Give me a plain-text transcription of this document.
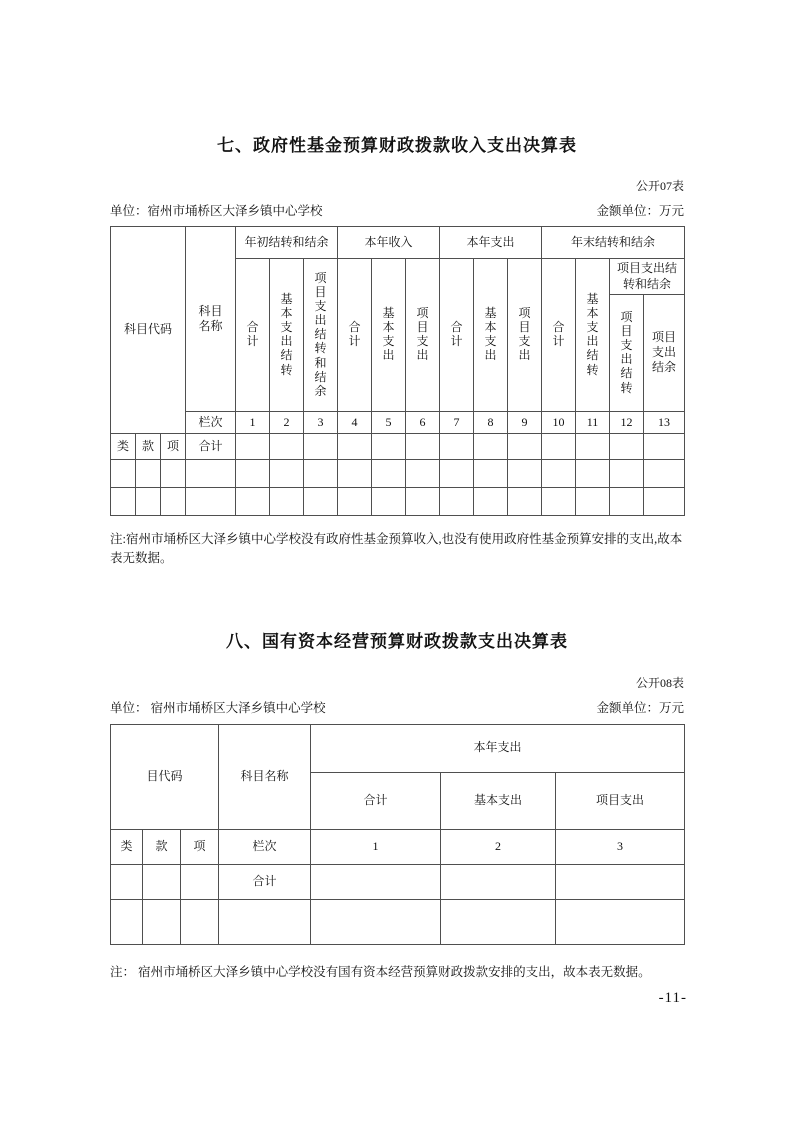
七、政府性基金预算财政拨款收入支出决算表
公开07表
单位：宿州市埇桥区大泽乡镇中心学校	金额单位：万元
科目代码			科目名称	年初结转和结余			本年收入			本年支出			年末结转和结余			
				合计	基本支出结转	项目支出结转和结余	合计	基本支出	项目支出	合计	基本支出	项目支出	合计	基本支出结转	项目支出结转和结余	
															项目支出结转	项目支出结余
			栏次	1	2	3	4	5	6	7	8	9	10	11	12	13
类	款	项	合计													

注:宿州市埇桥区大泽乡镇中心学校没有政府性基金预算收入,也没有使用政府性基金预算安排的支出,故本表无数据。

八、国有资本经营预算财政拨款支出决算表
公开08表
单位： 宿州市埇桥区大泽乡镇中心学校	金额单位：万元
目代码			科目名称	本年支出		
				合计	基本支出	项目支出
类	款	项	栏次	1	2	3
			合计			

注： 宿州市埇桥区大泽乡镇中心学校没有国有资本经营预算财政拨款安排的支出，故本表无数据。

-11-
